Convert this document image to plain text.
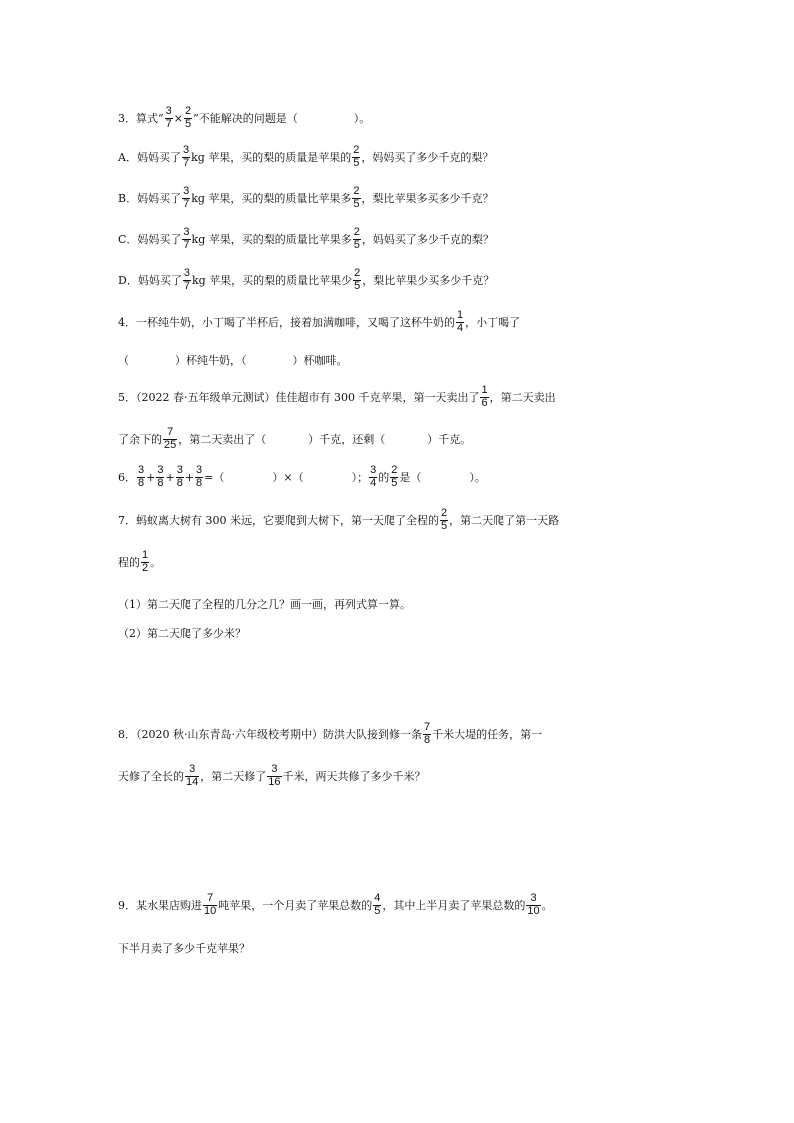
3．算式“ $\frac{3}{7} \times \frac{2}{5}$ ”不能解决的问题是（	）。
A．妈妈买了 $\frac{3}{7}$ kg 苹果，买的梨的质量是苹果的 $\frac{2}{5}$ ，妈妈买了多少千克的梨？
B．妈妈买了 $\frac{3}{7}$ kg 苹果，买的梨的质量比苹果多 $\frac{2}{5}$ ，梨比苹果多买多少千克？
C．妈妈买了 $\frac{3}{7}$ kg 苹果，买的梨的质量比苹果多 $\frac{2}{5}$ ，妈妈买了多少千克的梨？
D．妈妈买了 $\frac{3}{7}$ kg 苹果，买的梨的质量比苹果少 $\frac{2}{5}$ ，梨比苹果少买多少千克？
4．一杯纯牛奶，小丁喝了半杯后，接着加满咖啡，又喝了这杯牛奶的 $\frac{1}{4}$ ，小丁喝了
（	）杯纯牛奶，（	）杯咖啡。
5．（2022 春·五年级单元测试）佳佳超市有 300 千克苹果，第一天卖出了 $\frac{1}{6}$ ，第二天卖出
了余下的 $\frac{7}{25}$ ，第二天卖出了（	）千克，还剩（	）千克。
6． $\frac{3}{8} + \frac{3}{8} + \frac{3}{8} + \frac{3}{8}$ =（	）×（	）； $\frac{3}{4}$ 的 $\frac{2}{5}$ 是（	）。
7．蚂蚁离大树有 300 米远，它要爬到大树下，第一天爬了全程的 $\frac{2}{5}$ ，第二天爬了第一天路
程的 $\frac{1}{2}$ 。
（1）第二天爬了全程的几分之几？画一画，再列式算一算。
（2）第二天爬了多少米？
8．（2020 秋·山东青岛·六年级校考期中）防洪大队接到修一条 $\frac{7}{8}$ 千米大堤的任务，第一
天修了全长的 $\frac{3}{14}$ ，第二天修了 $\frac{3}{16}$ 千米，两天共修了多少千米？
9．某水果店购进 $\frac{7}{10}$ 吨苹果，一个月卖了苹果总数的 $\frac{4}{5}$ ，其中上半月卖了苹果总数的 $\frac{3}{10}$ 。
下半月卖了多少千克苹果？
